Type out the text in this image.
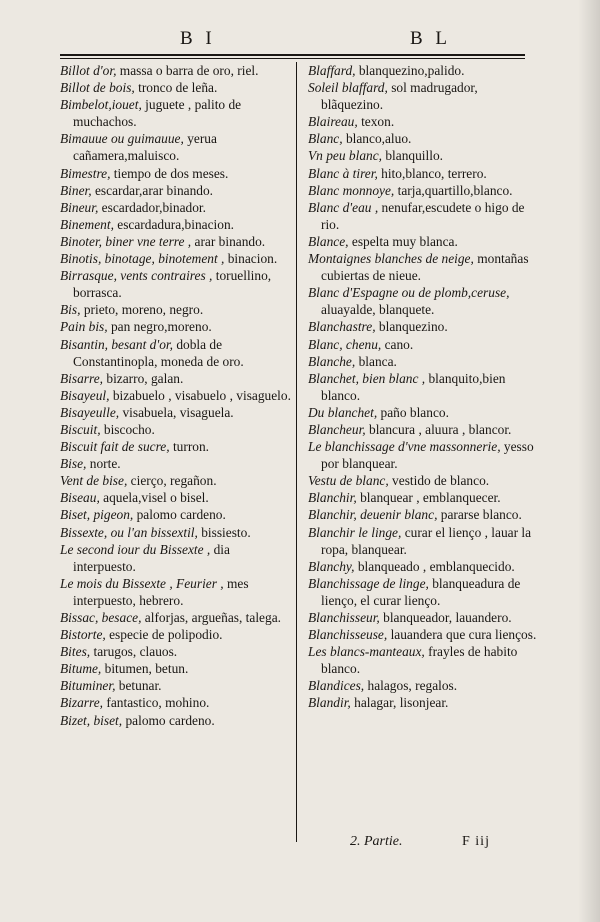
B I	B L

Billot d'or, massa o barra de oro, riel.

Billot de bois, tronco de leña.

Bimbelot,iouet, juguete , palito de muchachos.

Bimauue ou guimauue, yerua cañamera,maluisco.

Bimestre, tiempo de dos meses.

Biner, escardar,arar binando.

Bineur, escardador,binador.

Binement, escardadura,binacion.

Binoter, biner vne terre , arar binando.

Binotis, binotage, binotement , binacion.

Birrasque, vents contraires , toruellino, borrasca.

Bis, prieto, moreno, negro.

Pain bis, pan negro,moreno.

Bisantin, besant d'or, dobla de Constantinopla, moneda de oro.

Bisarre, bizarro, galan.

Bisayeul, bizabuelo , visabuelo , visaguelo.

Bisayeulle, visabuela, visaguela.

Biscuit, biscocho.

Biscuit fait de sucre, turron.

Bise, norte.

Vent de bise, cierço, regañon.

Biseau, aquela,visel o bisel.

Biset, pigeon, palomo cardeno.

Bissexte, ou l'an bissextil, bissiesto.

Le second iour du Bissexte , dia interpuesto.

Le mois du Bissexte , Feurier , mes interpuesto, hebrero.

Bissac, besace, alforjas, argueñas, talega.

Bistorte, especie de polipodio.

Bites, tarugos, clauos.

Bitume, bitumen, betun.

Bituminer, betunar.

Bizarre, fantastico, mohino.

Bizet, biset, palomo cardeno.

Blaffard, blanquezino,palido.

Soleil blaffard, sol madrugador, blãquezino.

Blaireau, texon.

Blanc, blanco,aluo.

Vn peu blanc, blanquillo.

Blanc à tirer, hito,blanco, terrero.

Blanc monnoye, tarja,quartillo,blanco.

Blanc d'eau , nenufar,escudete o higo de rio.

Blance, espelta muy blanca.

Montaignes blanches de neige, montañas cubiertas de nieue.

Blanc d'Espagne ou de plomb,ceruse, aluayalde, blanquete.

Blanchastre, blanquezino.

Blanc, chenu, cano.

Blanche, blanca.

Blanchet, bien blanc , blanquito,bien blanco.

Du blanchet, paño blanco.

Blancheur, blancura , aluura , blancor.

Le blanchissage d'vne massonnerie, yesso por blanquear.

Vestu de blanc, vestido de blanco.

Blanchir, blanquear , emblanquecer.

Blanchir, deuenir blanc, pararse blanco.

Blanchir le linge, curar el lienço , lauar la ropa, blanquear.

Blanchy, blanqueado , emblanquecido.

Blanchissage de linge, blanqueadura de lienço, el curar lienço.

Blanchisseur, blanqueador, lauandero.

Blanchisseuse, lauandera que cura lienços.

Les blancs-manteaux, frayles de habito blanco.

Blandices, halagos, regalos.

Blandir, halagar, lisonjear.

2. Partie.	F iij
